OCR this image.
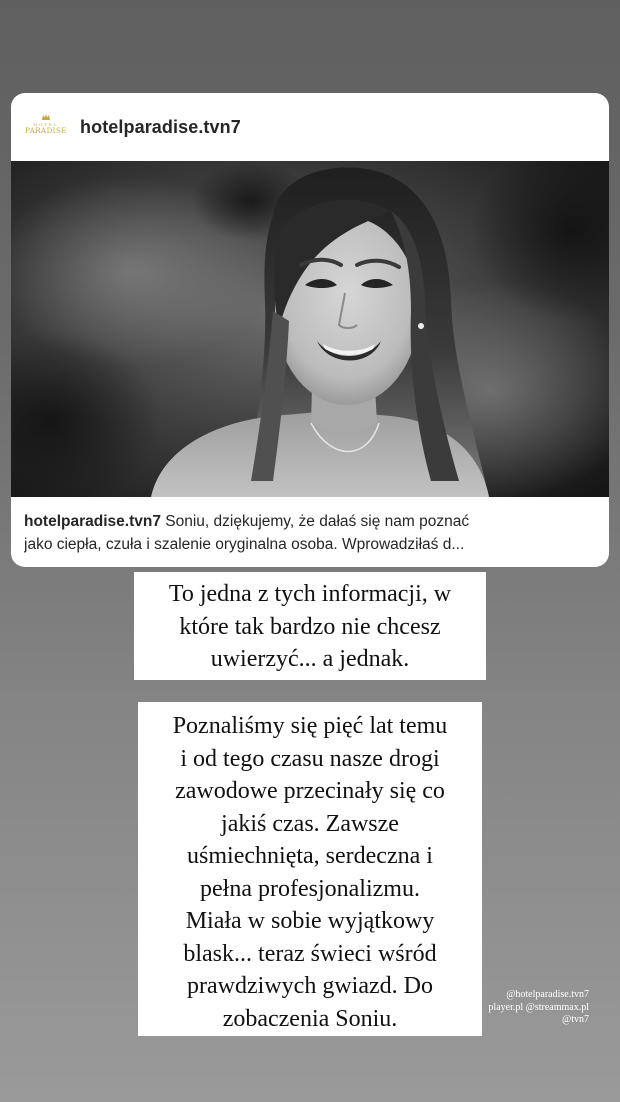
HOTEL
PARADISE hotelparadise.tvn7
hotelparadise.tvn7 Soniu, dziękujemy, że dałaś się nam poznać
jako ciepła, czuła i szalenie oryginalna osoba. Wprowadziłaś d...
To jedna z tych informacji, w
które tak bardzo nie chcesz
uwierzyć... a jednak.
Poznaliśmy się pięć lat temu
i od tego czasu nasze drogi
zawodowe przecinały się co
jakiś czas. Zawsze
uśmiechnięta, serdeczna i
pełna profesjonalizmu.
Miała w sobie wyjątkowy
blask... teraz świeci wśród
prawdziwych gwiazd. Do
zobaczenia Soniu.
@hotelparadise.tvn7
player.pl @streammax.pl
@tvn7
